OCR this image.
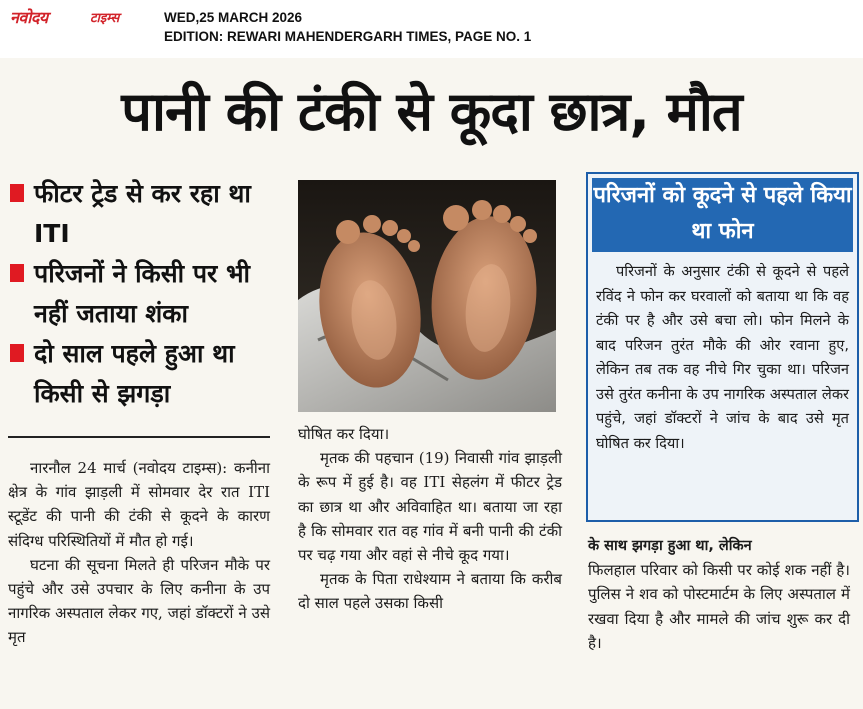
नवोदय	टाइम्स	WED,25 MARCH 2026
EDITION: REWARI MAHENDERGARH TIMES, PAGE NO. 1
पानी की टंकी से कूदा छात्र, मौत
फीटर ट्रेड से कर रहा था ITI
परिजनों ने किसी पर भी नहीं जताया शंका
दो साल पहले हुआ था किसी से झगड़ा

नारनौल 24 मार्च (नवोदय टाइम्स): कनीना क्षेत्र के गांव झाड़ली में सोमवार देर रात ITI स्टूडेंट की पानी की टंकी से कूदने के कारण संदिग्ध परिस्थितियों में मौत हो गई।

घटना की सूचना मिलते ही परिजन मौके पर पहुंचे और उसे उपचार के लिए कनीना के उप नागरिक अस्पताल लेकर गए, जहां डॉक्टरों ने उसे मृत

घोषित कर दिया।

मृतक की पहचान (19) निवासी गांव झाड़ली के रूप में हुई है। वह ITI सेहलंग में फीटर ट्रेड का छात्र था और अविवाहित था। बताया जा रहा है कि सोमवार रात वह गांव में बनी पानी की टंकी पर चढ़ गया और वहां से नीचे कूद गया।

मृतक के पिता राधेश्याम ने बताया कि करीब दो साल पहले उसका किसी

परिजनों को कूदने से पहले किया था फोन

परिजनों के अनुसार टंकी से कूदने से पहले रविंद ने फोन कर घरवालों को बताया था कि वह टंकी पर है और उसे बचा लो। फोन मिलने के बाद परिजन तुरंत मौके की ओर रवाना हुए, लेकिन तब तक वह नीचे गिर चुका था। परिजन उसे तुरंत कनीना के उप नागरिक अस्पताल लेकर पहुंचे, जहां डॉक्टरों ने जांच के बाद उसे मृत घोषित कर दिया।

के साथ झगड़ा हुआ था, लेकिन
फिलहाल परिवार को किसी पर कोई शक नहीं है। पुलिस ने शव को पोस्टमार्टम के लिए अस्पताल में रखवा दिया है और मामले की जांच शुरू कर दी है।
